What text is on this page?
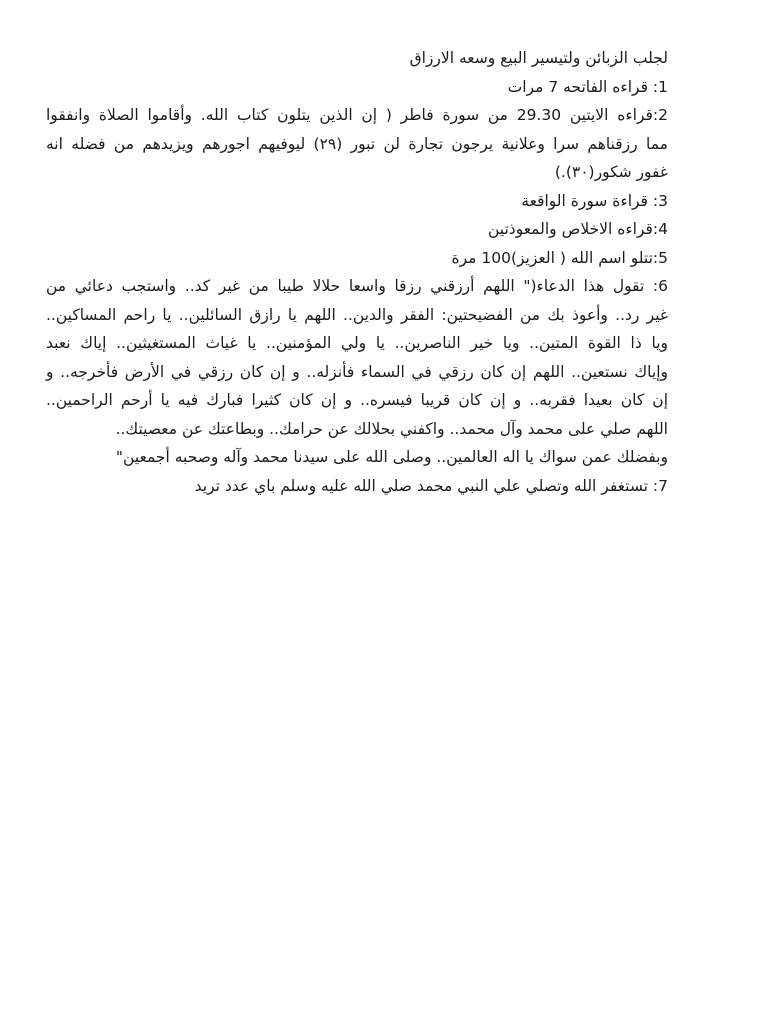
لجلب الزبائن ولتيسير البيع وسعه الارزاق
1: قراءه الفاتحه 7 مرات
2:قراءه الايتين 29.30 من سورة فاطر ( إن الذين يتلون كتاب الله. وأقاموا الصلاة وانفقوا
مما رزقناهم سرا وعلانية يرجون تجارة لن تبور (٢٩) ليوفيهم اجورهم ويزيدهم من فضله انه
غفور شكور(٣٠).)
3: قراءة سورة الواقعة
4:قراءه الاخلاص والمعوذتين
5:تتلو اسم الله ( العزيز)100 مرة
6: تقول هذا الدعاء(" اللهم أرزقني رزقا واسعا حلالا طيبا من غير كد.. واستجب دعائي من
غير رد.. وأعوذ بك من الفضيحتين: الفقر والدين.. اللهم يا رازق السائلين.. يا راحم المساكين..
ويا ذا القوة المتين.. ويا خير الناصرين.. يا ولي المؤمنين.. يا غياث المستغيثين.. إياك نعبد
وإياك نستعين.. اللهم إن كان رزقي في السماء فأنزله.. و إن كان رزقي في الأرض فأخرجه.. و
إن كان بعيدا فقربه.. و إن كان قريبا فيسره.. و إن كان كثيرا فبارك فيه يا أرحم الراحمين..
اللهم صلي على محمد وآل محمد.. واكفني بحلالك عن حرامك.. وبطاعتك عن معصيتك..
وبفضلك عمن سواك يا اله العالمين.. وصلى الله على سيدنا محمد وآله وصحبه أجمعين"
7: تستغفر الله وتصلي علي النبي محمد صلي الله عليه وسلم باي عدد تريد
